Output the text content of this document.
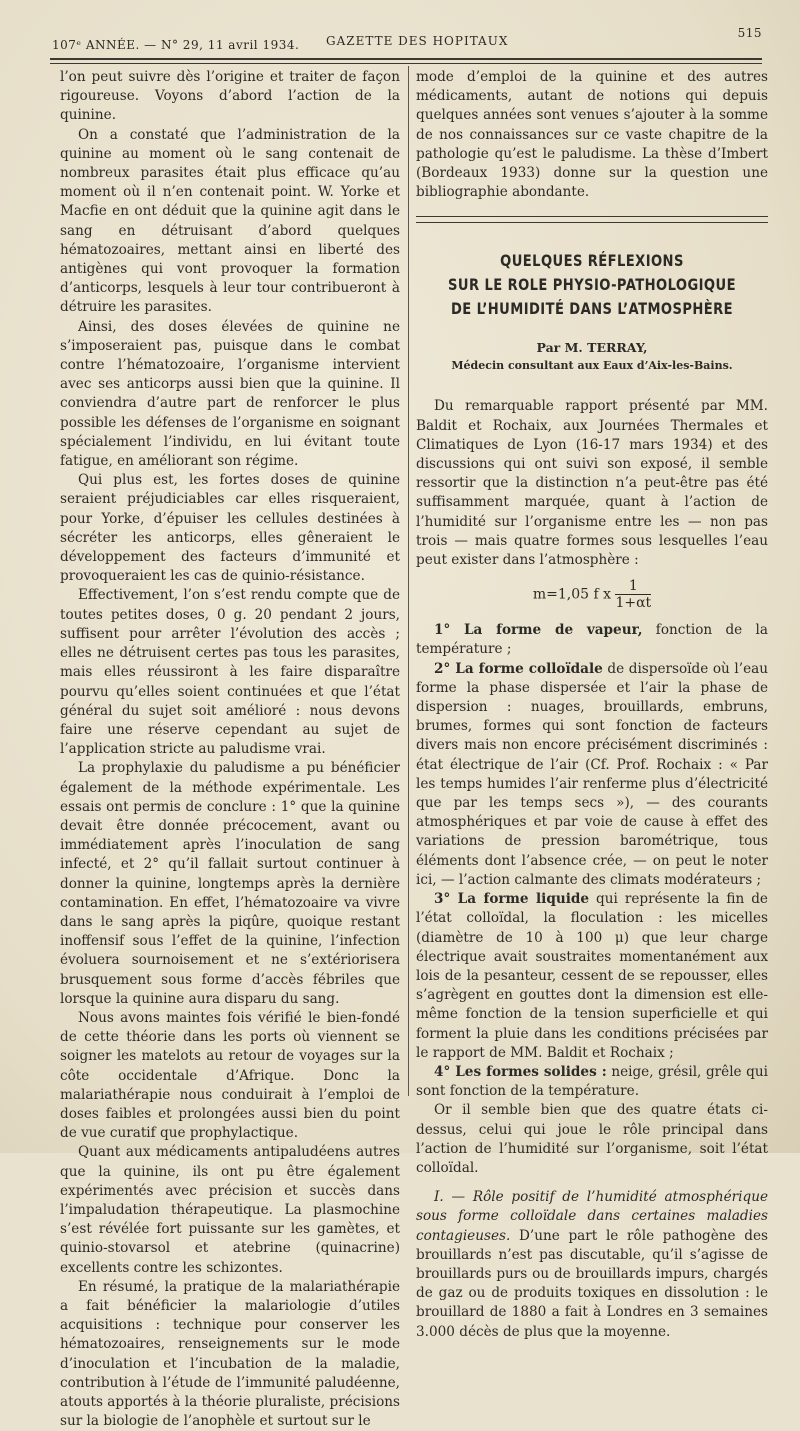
107ᵉ ANNÉE. — N° 29, 11 avril 1934. GAZETTE DES HOPITAUX
515

l’on peut suivre dès l’origine et traiter de façon rigoureuse. Voyons d’abord l’action de la quinine.

On a constaté que l’administration de la quinine au moment où le sang contenait de nombreux parasites était plus efficace qu’au moment où il n’en contenait point. W. Yorke et Macfie en ont déduit que la quinine agit dans le sang en détruisant d’abord quelques hématozoaires, mettant ainsi en liberté des antigènes qui vont provoquer la formation d’anticorps, lesquels à leur tour contribueront à détruire les parasites.

Ainsi, des doses élevées de quinine ne s’imposeraient pas, puisque dans le combat contre l’hématozoaire, l’organisme intervient avec ses anticorps aussi bien que la quinine. Il conviendra d’autre part de renforcer le plus possible les défenses de l’organisme en soignant spécialement l’individu, en lui évitant toute fatigue, en améliorant son régime.

Qui plus est, les fortes doses de quinine seraient préjudiciables car elles risqueraient, pour Yorke, d’épuiser les cellules destinées à sécréter les anticorps, elles gêneraient le développement des facteurs d’immunité et provoqueraient les cas de quinio-résistance.

Effectivement, l’on s’est rendu compte que de toutes petites doses, 0 g. 20 pendant 2 jours, suffisent pour arrêter l’évolution des accès ; elles ne détruisent certes pas tous les parasites, mais elles réussiront à les faire disparaître pourvu qu’elles soient continuées et que l’état général du sujet soit amélioré : nous devons faire une réserve cependant au sujet de l’application stricte au paludisme vrai.

La prophylaxie du paludisme a pu bénéficier également de la méthode expérimentale. Les essais ont permis de conclure : 1° que la quinine devait être donnée précocement, avant ou immédiatement après l’inoculation de sang infecté, et 2° qu’il fallait surtout continuer à donner la quinine, longtemps après la dernière contamination. En effet, l’hématozoaire va vivre dans le sang après la piqûre, quoique restant inoffensif sous l’effet de la quinine, l’infection évoluera sournoisement et ne s’extériorisera brusquement sous forme d’accès fébriles que lorsque la quinine aura disparu du sang.

Nous avons maintes fois vérifié le bien-fondé de cette théorie dans les ports où viennent se soigner les matelots au retour de voyages sur la côte occidentale d’Afrique. Donc la malariathérapie nous conduirait à l’emploi de doses faibles et prolongées aussi bien du point de vue curatif que prophylactique.

Quant aux médicaments antipaludéens autres que la quinine, ils ont pu être également expérimentés avec précision et succès dans l’impaludation thérapeutique. La plasmochine s’est révélée fort puissante sur les gamètes, et quinio-stovarsol et atebrine (quinacrine) excellents contre les schizontes.

En résumé, la pratique de la malariathérapie a fait bénéficier la malariologie d’utiles acquisitions : technique pour conserver les hématozoaires, renseignements sur le mode d’inoculation et l’incubation de la maladie, contribution à l’étude de l’immunité paludéenne, atouts apportés à la théorie pluraliste, précisions sur la biologie de l’anophèle et surtout sur le

mode d’emploi de la quinine et des autres médicaments, autant de notions qui depuis quelques années sont venues s’ajouter à la somme de nos connaissances sur ce vaste chapitre de la pathologie qu’est le paludisme. La thèse d’Imbert (Bordeaux 1933) donne sur la question une bibliographie abondante.

QUELQUES RÉFLEXIONS
SUR LE ROLE PHYSIO-PATHOLOGIQUE
DE L’HUMIDITÉ DANS L’ATMOSPHÈRE
Par M. TERRAY,
Médecin consultant aux Eaux d’Aix-les-Bains.

Du remarquable rapport présenté par MM. Baldit et Rochaix, aux Journées Thermales et Climatiques de Lyon (16-17 mars 1934) et des discussions qui ont suivi son exposé, il semble ressortir que la distinction n’a peut-être pas été suffisamment marquée, quant à l’action de l’humidité sur l’organisme entre les — non pas trois — mais quatre formes sous lesquelles l’eau peut exister dans l’atmosphère :

m=1,05 f x $\frac{1}{1+\alpha t}$

1° La forme de vapeur, fonction de la température ;

2° La forme colloïdale de dispersoïde où l’eau forme la phase dispersée et l’air la phase de dispersion : nuages, brouillards, embruns, brumes, formes qui sont fonction de facteurs divers mais non encore précisément discriminés : état électrique de l’air (Cf. Prof. Rochaix : « Par les temps humides l’air renferme plus d’électricité que par les temps secs »), — des courants atmosphériques et par voie de cause à effet des variations de pression barométrique, tous éléments dont l’absence crée, — on peut le noter ici, — l’action calmante des climats modérateurs ;

3° La forme liquide qui représente la fin de l’état colloïdal, la floculation : les micelles (diamètre de 10 à 100 μ) que leur charge électrique avait soustraites momentanément aux lois de la pesanteur, cessent de se repousser, elles s’agrègent en gouttes dont la dimension est elle-même fonction de la tension superficielle et qui forment la pluie dans les conditions précisées par le rapport de MM. Baldit et Rochaix ;

4° Les formes solides : neige, grésil, grêle qui sont fonction de la température.

Or il semble bien que des quatre états ci-dessus, celui qui joue le rôle principal dans l’action de l’humidité sur l’organisme, soit l’état colloïdal.

I. — Rôle positif de l’humidité atmosphérique sous forme colloïdale dans certaines maladies contagieuses. D’une part le rôle pathogène des brouillards n’est pas discutable, qu’il s’agisse de brouillards purs ou de brouillards impurs, chargés de gaz ou de produits toxiques en dissolution : le brouillard de 1880 a fait à Londres en 3 semaines 3.000 décès de plus que la moyenne.
